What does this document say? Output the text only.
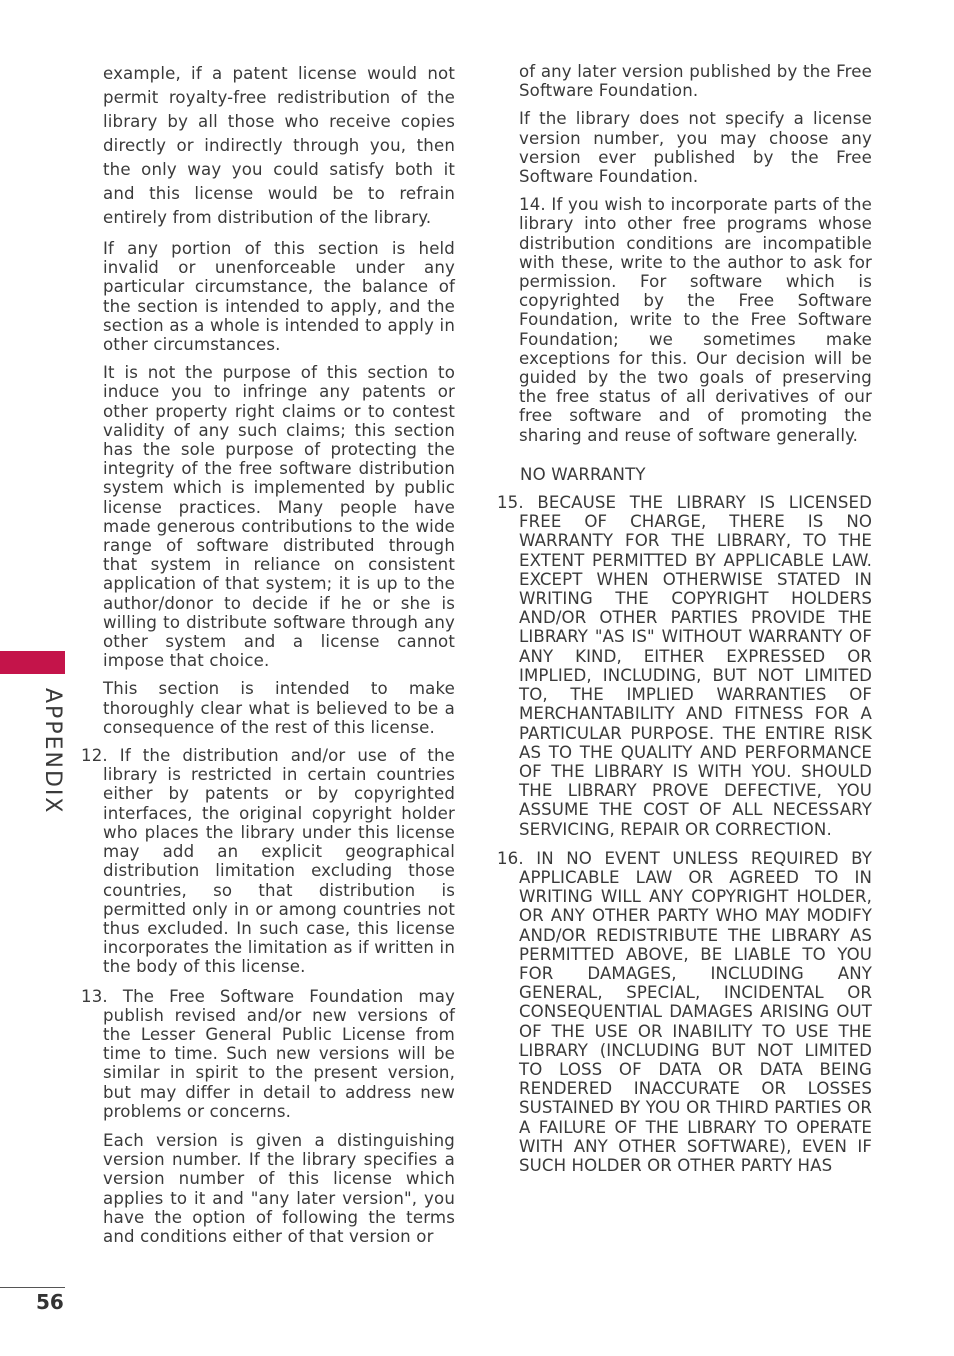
example, if a patent license would not permit royalty-free redistribution of the library by all those who receive copies directly or indirectly through you, then the only way you could satisfy both it and this license would be to refrain entirely from distribution of the library.

If any portion of this section is held invalid or unenforceable under any particular circumstance, the balance of the section is intended to apply, and the section as a whole is intended to apply in other circumstances.

It is not the purpose of this section to induce you to infringe any patents or other property right claims or to contest validity of any such claims; this section has the sole purpose of protecting the integrity of the free software distribution system which is implemented by public license practices. Many people have made generous contributions to the wide range of software distributed through that system in reliance on consistent application of that system; it is up to the author/donor to decide if he or she is willing to distribute software through any other system and a license cannot impose that choice.

This section is intended to make thoroughly clear what is believed to be a consequence of the rest of this license.

12. If the distribution and/or use of the library is restricted in certain countries either by patents or by copyrighted interfaces, the original copyright holder who places the library under this license may add an explicit geographical distribution limitation excluding those countries, so that distribution is permitted only in or among countries not thus excluded. In such case, this license incorporates the limitation as if written in the body of this license.

13. The Free Software Foundation may publish revised and/or new versions of the Lesser General Public License from time to time. Such new versions will be similar in spirit to the present version, but may differ in detail to address new problems or concerns.

Each version is given a distinguishing version number. If the library specifies a version number of this license which applies to it and "any later version", you have the option of following the terms and conditions either of that version or

of any later version published by the Free Software Foundation.

If the library does not specify a license version number, you may choose any version ever published by the Free Software Foundation.

14. If you wish to incorporate parts of the library into other free programs whose distribution conditions are incompatible with these, write to the author to ask for permission. For software which is copyrighted by the Free Software Foundation, write to the Free Software Foundation; we sometimes make exceptions for this. Our decision will be guided by the two goals of preserving the free status of all derivatives of our free software and of promoting the sharing and reuse of software generally.

NO WARRANTY

15. BECAUSE THE LIBRARY IS LICENSED FREE OF CHARGE, THERE IS NO WARRANTY FOR THE LIBRARY, TO THE EXTENT PERMITTED BY APPLICABLE LAW. EXCEPT WHEN OTHERWISE STATED IN WRITING THE COPYRIGHT HOLDERS AND/OR OTHER PARTIES PROVIDE THE LIBRARY "AS IS" WITHOUT WARRANTY OF ANY KIND, EITHER EXPRESSED OR IMPLIED, INCLUDING, BUT NOT LIMITED TO, THE IMPLIED WARRANTIES OF MERCHANTABILITY AND FITNESS FOR A PARTICULAR PURPOSE. THE ENTIRE RISK AS TO THE QUALITY AND PERFORMANCE OF THE LIBRARY IS WITH YOU. SHOULD THE LIBRARY PROVE DEFECTIVE, YOU ASSUME THE COST OF ALL NECESSARY SERVICING, REPAIR OR CORRECTION.

16. IN NO EVENT UNLESS REQUIRED BY APPLICABLE LAW OR AGREED TO IN WRITING WILL ANY COPYRIGHT HOLDER, OR ANY OTHER PARTY WHO MAY MODIFY AND/OR REDISTRIBUTE THE LIBRARY AS PERMITTED ABOVE, BE LIABLE TO YOU FOR DAMAGES, INCLUDING ANY GENERAL, SPECIAL, INCIDENTAL OR CONSEQUENTIAL DAMAGES ARISING OUT OF THE USE OR INABILITY TO USE THE LIBRARY (INCLUDING BUT NOT LIMITED TO LOSS OF DATA OR DATA BEING RENDERED INACCURATE OR LOSSES SUSTAINED BY YOU OR THIRD PARTIES OR A FAILURE OF THE LIBRARY TO OPERATE WITH ANY OTHER SOFTWARE), EVEN IF SUCH HOLDER OR OTHER PARTY HAS

APPENDIX
56
